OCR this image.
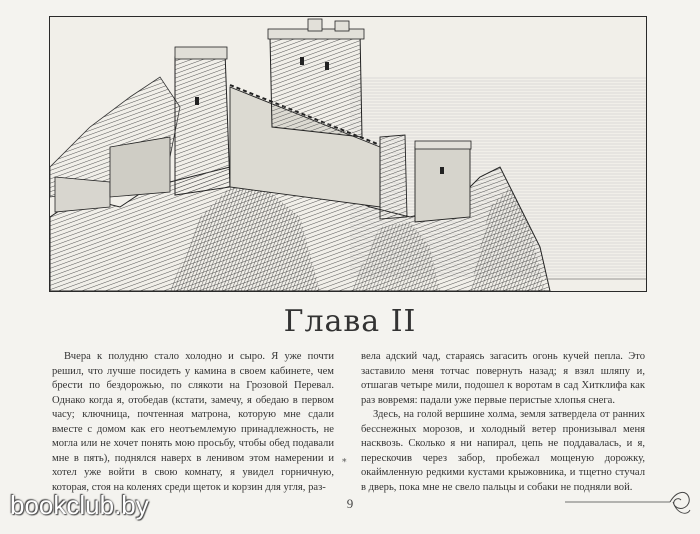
Глава II

Вчера к полудню стало холодно и сыро. Я уже почти решил, что лучше посидеть у камина в своем кабинете, чем брести по бездорожью, по слякоти на Грозовой Перевал. Однако когда я, отобедав (кстати, замечу, я обедаю в первом часу; ключница, почтенная матрона, которую мне сдали вместе с домом как его неотъемлемую принадлежность, не могла или не хочет понять мою просьбу, чтобы обед подавали мне в пять), поднялся наверх в ленивом этом намерении и хотел уже войти в свою комнату, я увидел горничную, которая, стоя на коленях среди щеток и корзин для угля, раз-

*

вела адский чад, стараясь загасить огонь кучей пепла. Это заставило меня тотчас повернуть назад; я взял шляпу и, отшагав четыре мили, подошел к воротам в сад Хитклифа как раз вовремя: падали уже первые перистые хлопья снега.

Здесь, на голой вершине холма, земля затвердела от ранних бесснежных морозов, и холодный ветер пронизывал меня насквозь. Сколько я ни напирал, цепь не поддавалась, и я, перескочив через забор, пробежал мощеную дорожку, окаймленную редкими кустами крыжовника, и тщетно стучал в дверь, пока мне не свело пальцы и собаки не подняли вой.

9
bookclub.by
